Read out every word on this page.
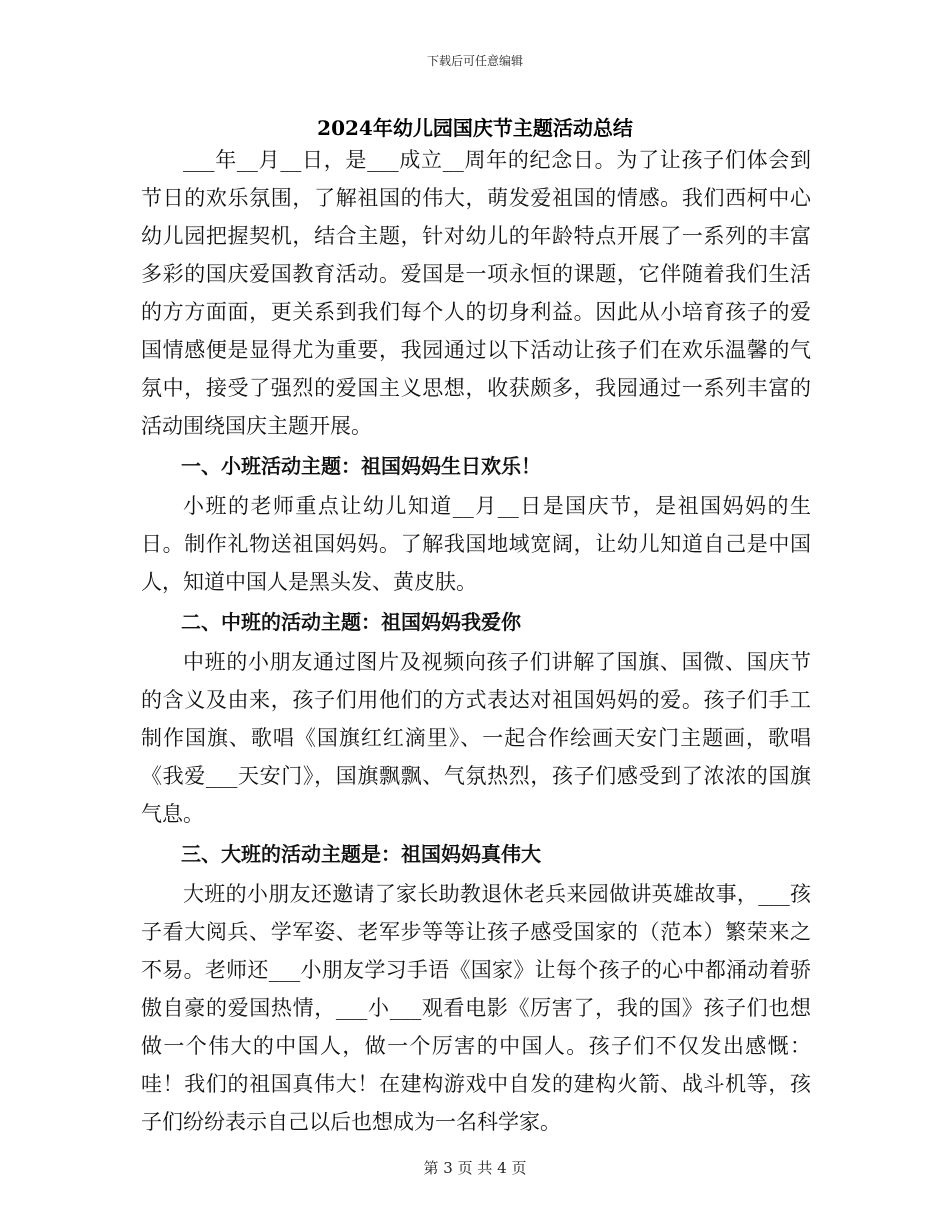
下载后可任意编辑
2024年幼儿园国庆节主题活动总结

___年__月__日，是___成立__周年的纪念日。为了让孩子们体会到节日的欢乐氛围，了解祖国的伟大，萌发爱祖国的情感。我们西柯中心幼儿园把握契机，结合主题，针对幼儿的年龄特点开展了一系列的丰富多彩的国庆爱国教育活动。爱国是一项永恒的课题，它伴随着我们生活的方方面面，更关系到我们每个人的切身利益。因此从小培育孩子的爱国情感便是显得尤为重要，我园通过以下活动让孩子们在欢乐温馨的气氛中，接受了强烈的爱国主义思想，收获颇多，我园通过一系列丰富的活动围绕国庆主题开展。

一、小班活动主题：祖国妈妈生日欢乐！

小班的老师重点让幼儿知道__月__日是国庆节，是祖国妈妈的生日。制作礼物送祖国妈妈。了解我国地域宽阔，让幼儿知道自己是中国人，知道中国人是黑头发、黄皮肤。

二、中班的活动主题：祖国妈妈我爱你

中班的小朋友通过图片及视频向孩子们讲解了国旗、国微、国庆节的含义及由来，孩子们用他们的方式表达对祖国妈妈的爱。孩子们手工制作国旗、歌唱《国旗红红滴里》、一起合作绘画天安门主题画，歌唱《我爱___天安门》，国旗飘飘、气氛热烈，孩子们感受到了浓浓的国旗气息。

三、大班的活动主题是：祖国妈妈真伟大

大班的小朋友还邀请了家长助教退休老兵来园做讲英雄故事，___孩子看大阅兵、学军姿、老军步等等让孩子感受国家的（范本）繁荣来之不易。老师还___小朋友学习手语《国家》让每个孩子的心中都涌动着骄傲自豪的爱国热情，___小___观看电影《厉害了，我的国》孩子们也想做一个伟大的中国人，做一个厉害的中国人。孩子们不仅发出感慨：哇！我们的祖国真伟大！在建构游戏中自发的建构火箭、战斗机等，孩子们纷纷表示自己以后也想成为一名科学家。

第 3 页 共 4 页
